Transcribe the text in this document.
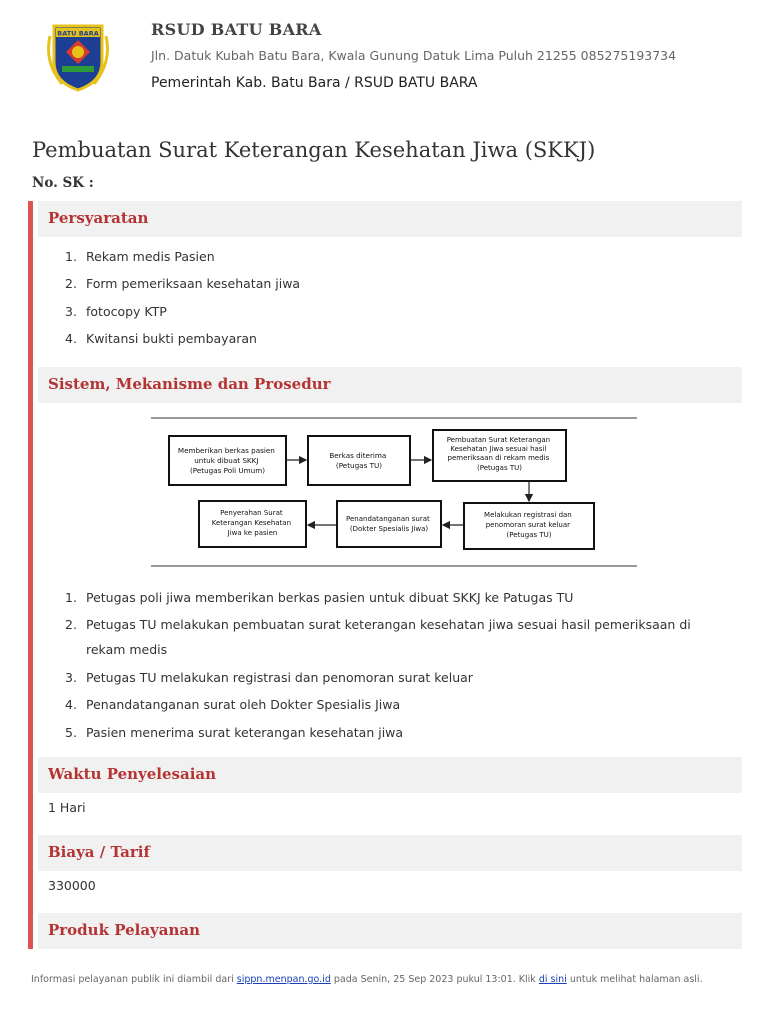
BATU BARA	RSUD BATU BARA
Jln. Datuk Kubah Batu Bara, Kwala Gunung Datuk Lima Puluh 21255 085275193734
Pemerintah Kab. Batu Bara / RSUD BATU BARA
Pembuatan Surat Keterangan Kesehatan Jiwa (SKKJ)
No. SK :
Persyaratan
1. Rekam medis Pasien
2. Form pemeriksaan kesehatan jiwa
3. fotocopy KTP
4. Kwitansi bukti pembayaran
Sistem, Mekanisme dan Prosedur
Memberikan berkas pasien untuk dibuat SKKJ (Petugas Poli Umum)
Berkas diterima (Petugas TU)
Pembuatan Surat Keterangan Kesehatan Jiwa sesuai hasil pemeriksaan di rekam medis (Petugas TU)
Melakukan registrasi dan penomoran surat keluar (Petugas TU)
Penandatanganan surat (Dokter Spesialis Jiwa)
Penyerahan Surat Keterangan Kesehatan Jiwa ke pasien
1. Petugas poli jiwa memberikan berkas pasien untuk dibuat SKKJ ke Patugas TU
2. Petugas TU melakukan pembuatan surat keterangan kesehatan jiwa sesuai hasil pemeriksaan di rekam medis
3. Petugas TU melakukan registrasi dan penomoran surat keluar
4. Penandatanganan surat oleh Dokter Spesialis Jiwa
5. Pasien menerima surat keterangan kesehatan jiwa
Waktu Penyelesaian
1 Hari
Biaya / Tarif
330000
Produk Pelayanan
Informasi pelayanan publik ini diambil dari sippn.menpan.go.id pada Senin, 25 Sep 2023 pukul 13:01. Klik di sini untuk melihat halaman asli.
